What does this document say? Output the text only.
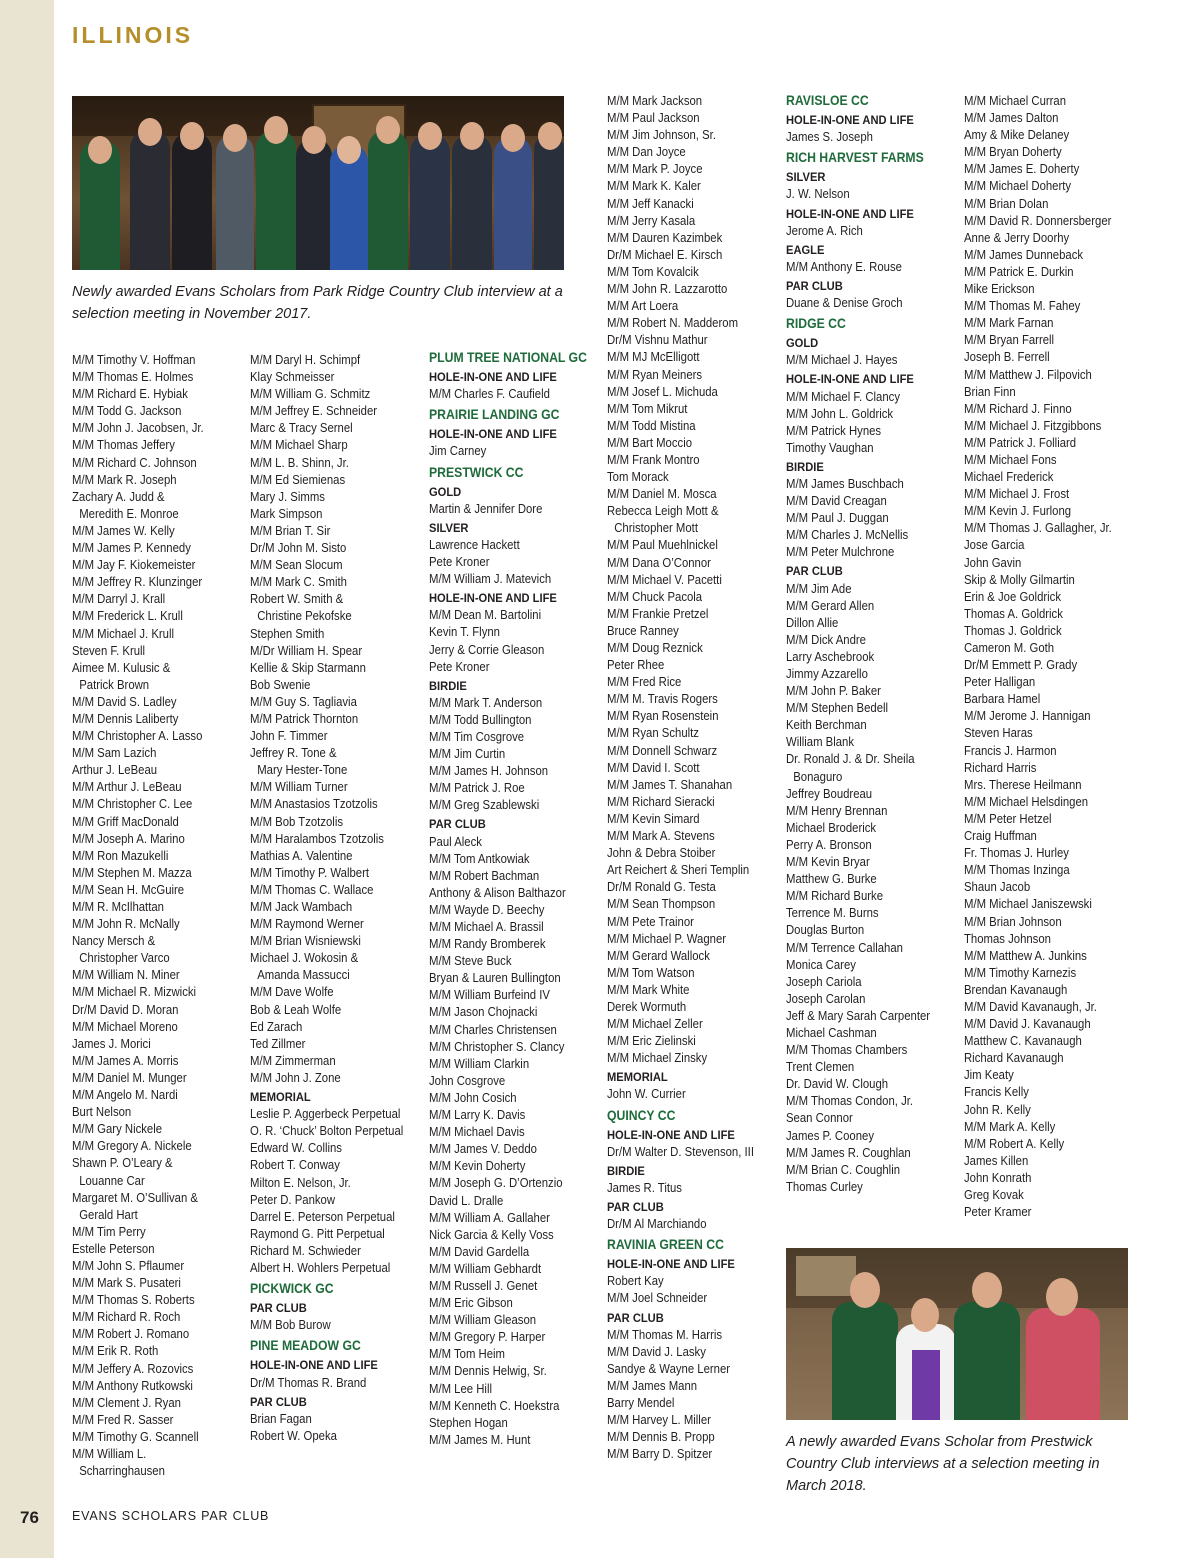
ILLINOIS
Newly awarded Evans Scholars from Park Ridge Country Club interview at a selection meeting in November 2017.
M/M Timothy V. Hoffman
M/M Thomas E. Holmes
M/M Richard E. Hybiak
M/M Todd G. Jackson
M/M John J. Jacobsen, Jr.
M/M Thomas Jeffery
M/M Richard C. Johnson
M/M Mark R. Joseph
Zachary A. Judd &
Meredith E. Monroe
M/M James W. Kelly
M/M James P. Kennedy
M/M Jay F. Kiokemeister
M/M Jeffrey R. Klunzinger
M/M Darryl J. Krall
M/M Frederick L. Krull
M/M Michael J. Krull
Steven F. Krull
Aimee M. Kulusic &
Patrick Brown
M/M David S. Ladley
M/M Dennis Laliberty
M/M Christopher A. Lasso
M/M Sam Lazich
Arthur J. LeBeau
M/M Arthur J. LeBeau
M/M Christopher C. Lee
M/M Griff MacDonald
M/M Joseph A. Marino
M/M Ron Mazukelli
M/M Stephen M. Mazza
M/M Sean H. McGuire
M/M R. McIlhattan
M/M John R. McNally
Nancy Mersch &
Christopher Varco
M/M William N. Miner
M/M Michael R. Mizwicki
Dr/M David D. Moran
M/M Michael Moreno
James J. Morici
M/M James A. Morris
M/M Daniel M. Munger
M/M Angelo M. Nardi
Burt Nelson
M/M Gary Nickele
M/M Gregory A. Nickele
Shawn P. O’Leary &
Louanne Car
Margaret M. O’Sullivan &
Gerald Hart
M/M Tim Perry
Estelle Peterson
M/M John S. Pflaumer
M/M Mark S. Pusateri
M/M Thomas S. Roberts
M/M Richard R. Roch
M/M Robert J. Romano
M/M Erik R. Roth
M/M Jeffery A. Rozovics
M/M Anthony Rutkowski
M/M Clement J. Ryan
M/M Fred R. Sasser
M/M Timothy G. Scannell
M/M William L.
Scharringhausen
M/M Daryl H. Schimpf
Klay Schmeisser
M/M William G. Schmitz
M/M Jeffrey E. Schneider
Marc & Tracy Sernel
M/M Michael Sharp
M/M L. B. Shinn, Jr.
M/M Ed Siemienas
Mary J. Simms
Mark Simpson
M/M Brian T. Sir
Dr/M John M. Sisto
M/M Sean Slocum
M/M Mark C. Smith
Robert W. Smith &
Christine Pekofske
Stephen Smith
M/Dr William H. Spear
Kellie & Skip Starmann
Bob Swenie
M/M Guy S. Tagliavia
M/M Patrick Thornton
John F. Timmer
Jeffrey R. Tone &
Mary Hester-Tone
M/M William Turner
M/M Anastasios Tzotzolis
M/M Bob Tzotzolis
M/M Haralambos Tzotzolis
Mathias A. Valentine
M/M Timothy P. Walbert
M/M Thomas C. Wallace
M/M Jack Wambach
M/M Raymond Werner
M/M Brian Wisniewski
Michael J. Wokosin &
Amanda Massucci
M/M Dave Wolfe
Bob & Leah Wolfe
Ed Zarach
Ted Zillmer
M/M Zimmerman
M/M John J. Zone
MEMORIAL
Leslie P. Aggerbeck Perpetual
O. R. ‘Chuck’ Bolton Perpetual
Edward W. Collins
Robert T. Conway
Milton E. Nelson, Jr.
Peter D. Pankow
Darrel E. Peterson Perpetual
Raymond G. Pitt Perpetual
Richard M. Schwieder
Albert H. Wohlers Perpetual
PICKWICK GC
PAR CLUB
M/M Bob Burow
PINE MEADOW GC
HOLE-IN-ONE AND LIFE
Dr/M Thomas R. Brand
PAR CLUB
Brian Fagan
Robert W. Opeka
PLUM TREE NATIONAL GC
HOLE-IN-ONE AND LIFE
M/M Charles F. Caufield
PRAIRIE LANDING GC
HOLE-IN-ONE AND LIFE
Jim Carney
PRESTWICK CC
GOLD
Martin & Jennifer Dore
SILVER
Lawrence Hackett
Pete Kroner
M/M William J. Matevich
HOLE-IN-ONE AND LIFE
M/M Dean M. Bartolini
Kevin T. Flynn
Jerry & Corrie Gleason
Pete Kroner
BIRDIE
M/M Mark T. Anderson
M/M Todd Bullington
M/M Tim Cosgrove
M/M Jim Curtin
M/M James H. Johnson
M/M Patrick J. Roe
M/M Greg Szablewski
PAR CLUB
Paul Aleck
M/M Tom Antkowiak
M/M Robert Bachman
Anthony & Alison Balthazor
M/M Wayde D. Beechy
M/M Michael A. Brassil
M/M Randy Bromberek
M/M Steve Buck
Bryan & Lauren Bullington
M/M William Burfeind IV
M/M Jason Chojnacki
M/M Charles Christensen
M/M Christopher S. Clancy
M/M William Clarkin
John Cosgrove
M/M John Cosich
M/M Larry K. Davis
M/M Michael Davis
M/M James V. Deddo
M/M Kevin Doherty
M/M Joseph G. D’Ortenzio
David L. Dralle
M/M William A. Gallaher
Nick Garcia & Kelly Voss
M/M David Gardella
M/M William Gebhardt
M/M Russell J. Genet
M/M Eric Gibson
M/M William Gleason
M/M Gregory P. Harper
M/M Tom Heim
M/M Dennis Helwig, Sr.
M/M Lee Hill
M/M Kenneth C. Hoekstra
Stephen Hogan
M/M James M. Hunt
M/M Mark Jackson
M/M Paul Jackson
M/M Jim Johnson, Sr.
M/M Dan Joyce
M/M Mark P. Joyce
M/M Mark K. Kaler
M/M Jeff Kanacki
M/M Jerry Kasala
M/M Dauren Kazimbek
Dr/M Michael E. Kirsch
M/M Tom Kovalcik
M/M John R. Lazzarotto
M/M Art Loera
M/M Robert N. Madderom
Dr/M Vishnu Mathur
M/M MJ McElligott
M/M Ryan Meiners
M/M Josef L. Michuda
M/M Tom Mikrut
M/M Todd Mistina
M/M Bart Moccio
M/M Frank Montro
Tom Morack
M/M Daniel M. Mosca
Rebecca Leigh Mott &
Christopher Mott
M/M Paul Muehlnickel
M/M Dana O’Connor
M/M Michael V. Pacetti
M/M Chuck Pacola
M/M Frankie Pretzel
Bruce Ranney
M/M Doug Reznick
Peter Rhee
M/M Fred Rice
M/M M. Travis Rogers
M/M Ryan Rosenstein
M/M Ryan Schultz
M/M Donnell Schwarz
M/M David I. Scott
M/M James T. Shanahan
M/M Richard Sieracki
M/M Kevin Simard
M/M Mark A. Stevens
John & Debra Stoiber
Art Reichert & Sheri Templin
Dr/M Ronald G. Testa
M/M Sean Thompson
M/M Pete Trainor
M/M Michael P. Wagner
M/M Gerard Wallock
M/M Tom Watson
M/M Mark White
Derek Wormuth
M/M Michael Zeller
M/M Eric Zielinski
M/M Michael Zinsky
MEMORIAL
John W. Currier
QUINCY CC
HOLE-IN-ONE AND LIFE
Dr/M Walter D. Stevenson, III
BIRDIE
James R. Titus
PAR CLUB
Dr/M Al Marchiando
RAVINIA GREEN CC
HOLE-IN-ONE AND LIFE
Robert Kay
M/M Joel Schneider
PAR CLUB
M/M Thomas M. Harris
M/M David J. Lasky
Sandye & Wayne Lerner
M/M James Mann
Barry Mendel
M/M Harvey L. Miller
M/M Dennis B. Propp
M/M Barry D. Spitzer
RAVISLOE CC
HOLE-IN-ONE AND LIFE
James S. Joseph
RICH HARVEST FARMS
SILVER
J. W. Nelson
HOLE-IN-ONE AND LIFE
Jerome A. Rich
EAGLE
M/M Anthony E. Rouse
PAR CLUB
Duane & Denise Groch
RIDGE CC
GOLD
M/M Michael J. Hayes
HOLE-IN-ONE AND LIFE
M/M Michael F. Clancy
M/M John L. Goldrick
M/M Patrick Hynes
Timothy Vaughan
BIRDIE
M/M James Buschbach
M/M David Creagan
M/M Paul J. Duggan
M/M Charles J. McNellis
M/M Peter Mulchrone
PAR CLUB
M/M Jim Ade
M/M Gerard Allen
Dillon Allie
M/M Dick Andre
Larry Aschebrook
Jimmy Azzarello
M/M John P. Baker
M/M Stephen Bedell
Keith Berchman
William Blank
Dr. Ronald J. & Dr. Sheila
Bonaguro
Jeffrey Boudreau
M/M Henry Brennan
Michael Broderick
Perry A. Bronson
M/M Kevin Bryar
Matthew G. Burke
M/M Richard Burke
Terrence M. Burns
Douglas Burton
M/M Terrence Callahan
Monica Carey
Joseph Cariola
Joseph Carolan
Jeff & Mary Sarah Carpenter
Michael Cashman
M/M Thomas Chambers
Trent Clemen
Dr. David W. Clough
M/M Thomas Condon, Jr.
Sean Connor
James P. Cooney
M/M James R. Coughlan
M/M Brian C. Coughlin
Thomas Curley
M/M Michael Curran
M/M James Dalton
Amy & Mike Delaney
M/M Bryan Doherty
M/M James E. Doherty
M/M Michael Doherty
M/M Brian Dolan
M/M David R. Donnersberger
Anne & Jerry Doorhy
M/M James Dunneback
M/M Patrick E. Durkin
Mike Erickson
M/M Thomas M. Fahey
M/M Mark Farnan
M/M Bryan Farrell
Joseph B. Ferrell
M/M Matthew J. Filpovich
Brian Finn
M/M Richard J. Finno
M/M Michael J. Fitzgibbons
M/M Patrick J. Folliard
M/M Michael Fons
Michael Frederick
M/M Michael J. Frost
M/M Kevin J. Furlong
M/M Thomas J. Gallagher, Jr.
Jose Garcia
John Gavin
Skip & Molly Gilmartin
Erin & Joe Goldrick
Thomas A. Goldrick
Thomas J. Goldrick
Cameron M. Goth
Dr/M Emmett P. Grady
Peter Halligan
Barbara Hamel
M/M Jerome J. Hannigan
Steven Haras
Francis J. Harmon
Richard Harris
Mrs. Therese Heilmann
M/M Michael Helsdingen
M/M Peter Hetzel
Craig Huffman
Fr. Thomas J. Hurley
M/M Thomas Inzinga
Shaun Jacob
M/M Michael Janiszewski
M/M Brian Johnson
Thomas Johnson
M/M Matthew A. Junkins
M/M Timothy Karnezis
Brendan Kavanaugh
M/M David Kavanaugh, Jr.
M/M David J. Kavanaugh
Matthew C. Kavanaugh
Richard Kavanaugh
Jim Keaty
Francis Kelly
John R. Kelly
M/M Mark A. Kelly
M/M Robert A. Kelly
James Killen
John Konrath
Greg Kovak
Peter Kramer
A newly awarded Evans Scholar from Prestwick Country Club interviews at a selection meeting in March 2018.
76	EVANS SCHOLARS PAR CLUB
